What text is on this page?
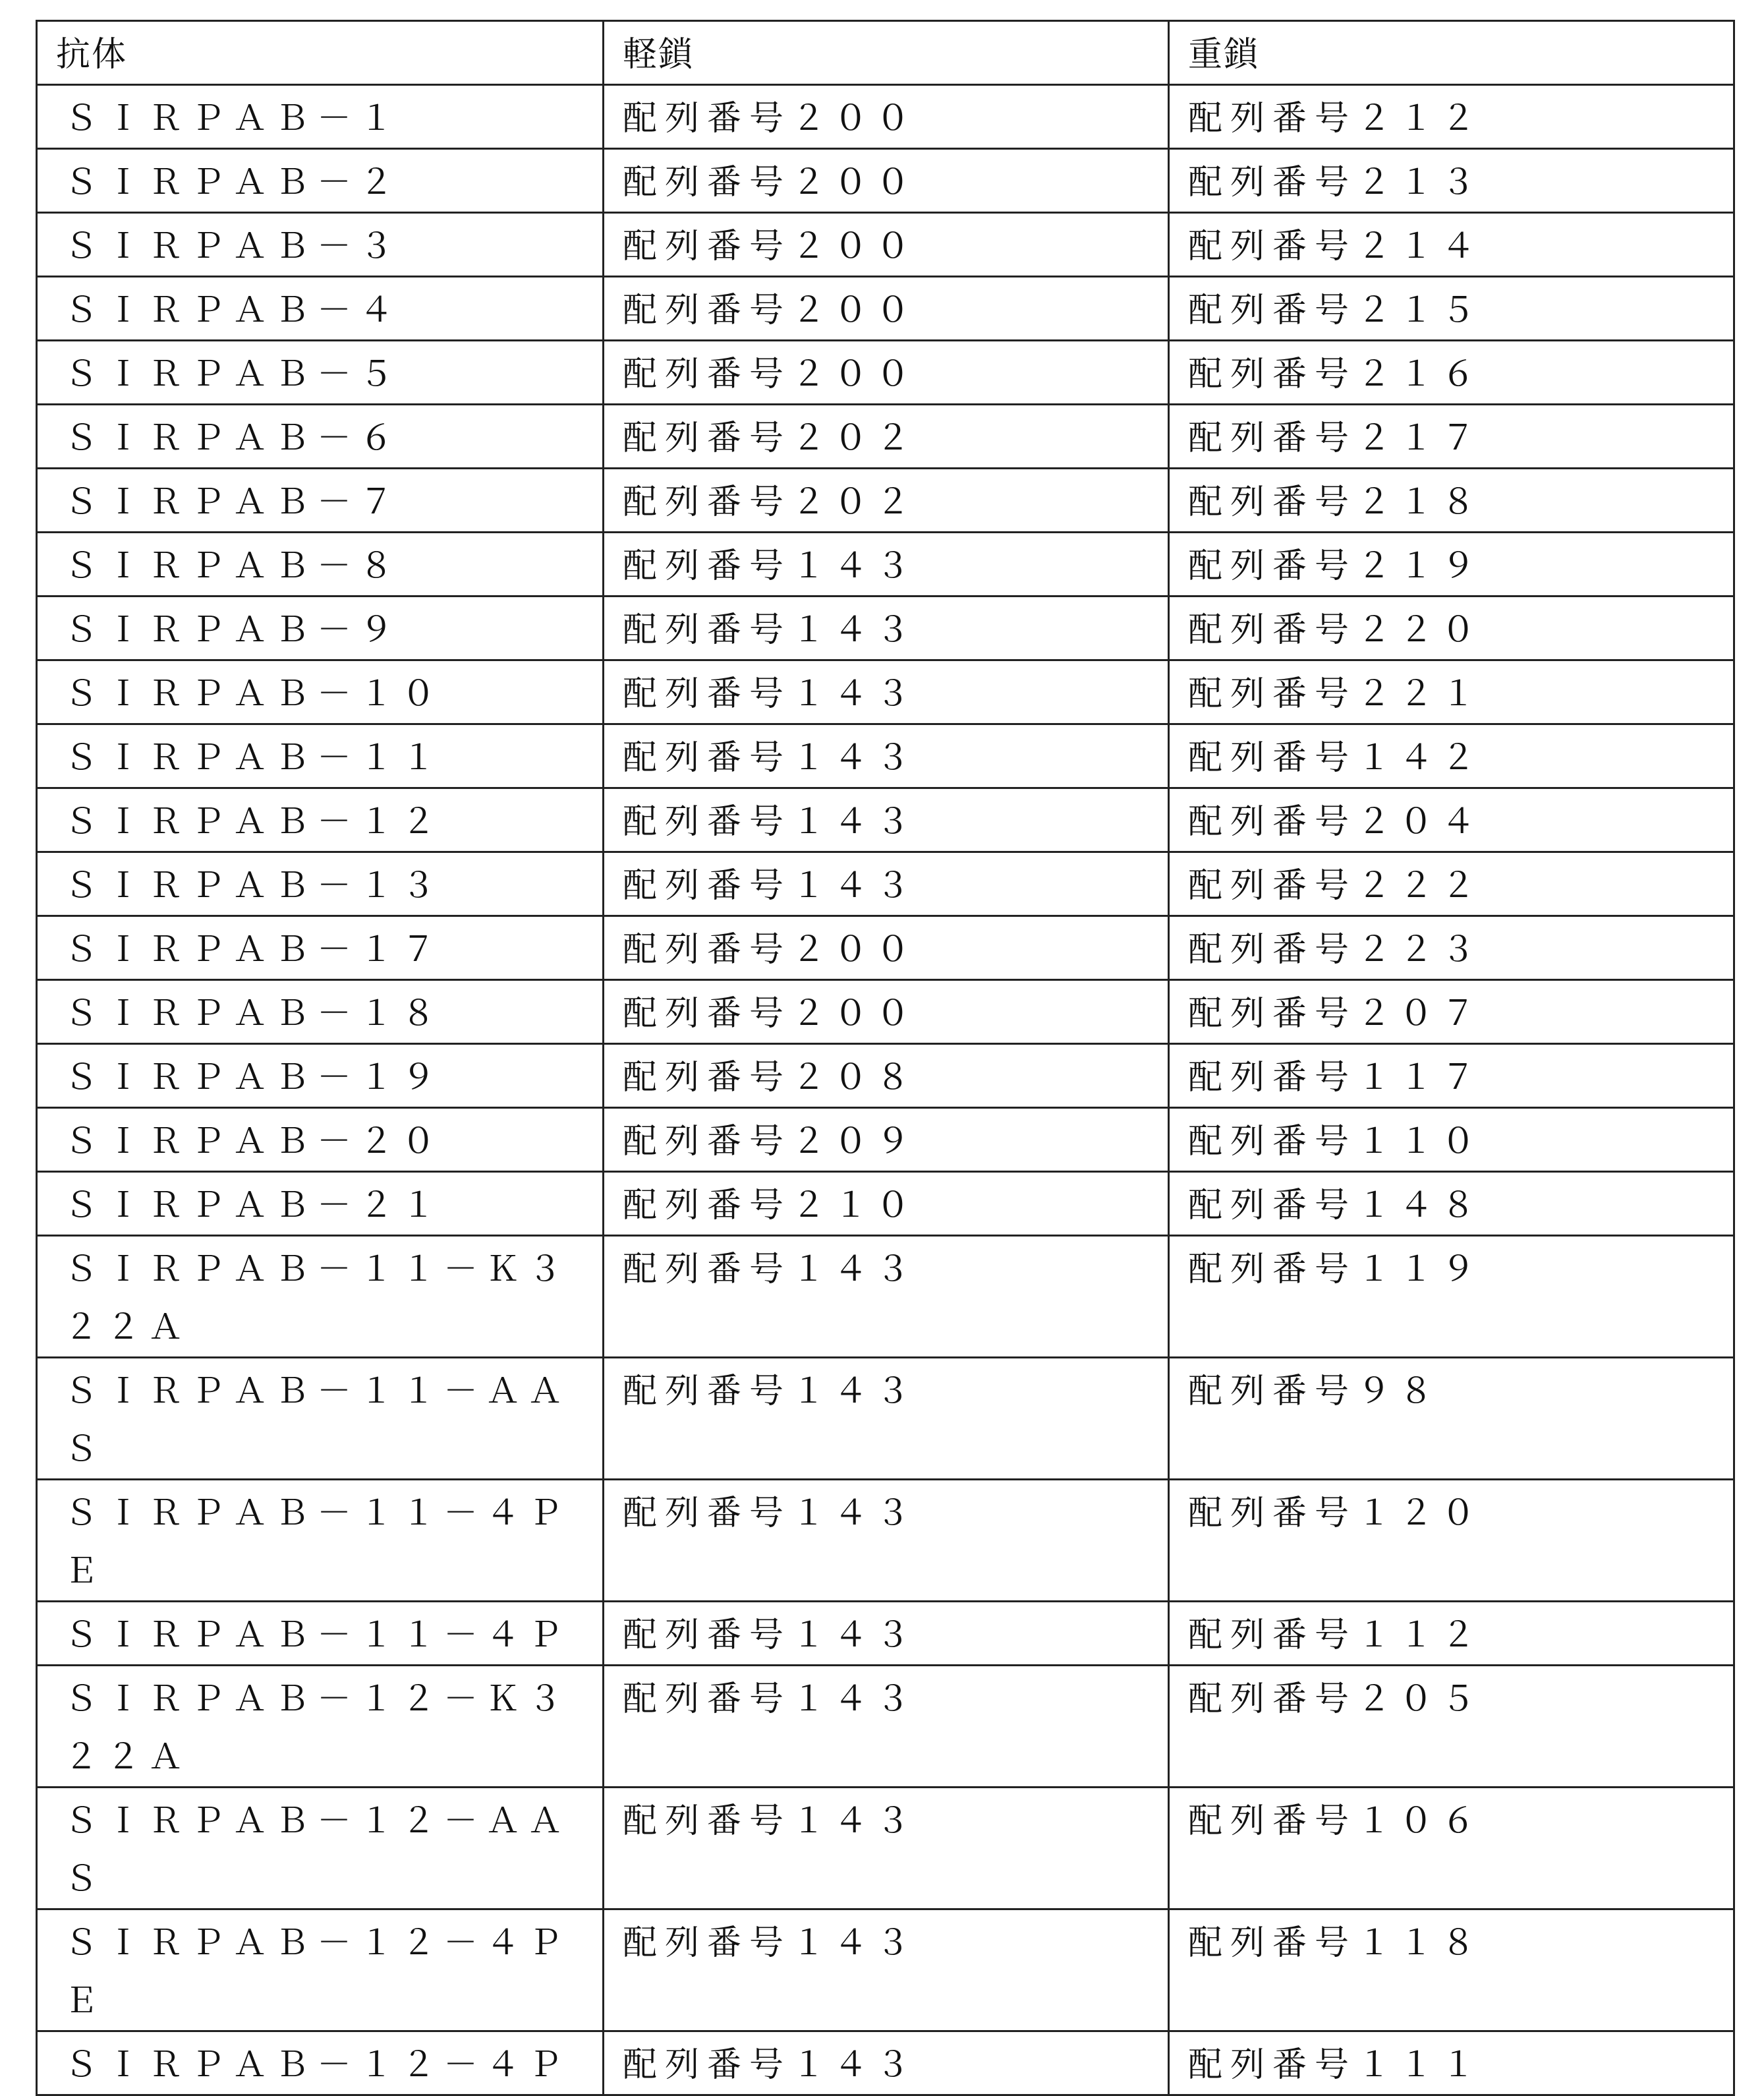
抗体	軽鎖	重鎖
ＳＩＲＰＡＢ－１	配列番号２００	配列番号２１２
ＳＩＲＰＡＢ－２	配列番号２００	配列番号２１３
ＳＩＲＰＡＢ－３	配列番号２００	配列番号２１４
ＳＩＲＰＡＢ－４	配列番号２００	配列番号２１５
ＳＩＲＰＡＢ－５	配列番号２００	配列番号２１６
ＳＩＲＰＡＢ－６	配列番号２０２	配列番号２１７
ＳＩＲＰＡＢ－７	配列番号２０２	配列番号２１８
ＳＩＲＰＡＢ－８	配列番号１４３	配列番号２１９
ＳＩＲＰＡＢ－９	配列番号１４３	配列番号２２０
ＳＩＲＰＡＢ－１０	配列番号１４３	配列番号２２１
ＳＩＲＰＡＢ－１１	配列番号１４３	配列番号１４２
ＳＩＲＰＡＢ－１２	配列番号１４３	配列番号２０４
ＳＩＲＰＡＢ－１３	配列番号１４３	配列番号２２２
ＳＩＲＰＡＢ－１７	配列番号２００	配列番号２２３
ＳＩＲＰＡＢ－１８	配列番号２００	配列番号２０７
ＳＩＲＰＡＢ－１９	配列番号２０８	配列番号１１７
ＳＩＲＰＡＢ－２０	配列番号２０９	配列番号１１０
ＳＩＲＰＡＢ－２１	配列番号２１０	配列番号１４８
ＳＩＲＰＡＢ－１１－Ｋ３２２Ａ	配列番号１４３	配列番号１１９
ＳＩＲＰＡＢ－１１－ＡＡＳ	配列番号１４３	配列番号９８
ＳＩＲＰＡＢ－１１－４ＰＥ	配列番号１４３	配列番号１２０
ＳＩＲＰＡＢ－１１－４Ｐ	配列番号１４３	配列番号１１２
ＳＩＲＰＡＢ－１２－Ｋ３２２Ａ	配列番号１４３	配列番号２０５
ＳＩＲＰＡＢ－１２－ＡＡＳ	配列番号１４３	配列番号１０６
ＳＩＲＰＡＢ－１２－４ＰＥ	配列番号１４３	配列番号１１８
ＳＩＲＰＡＢ－１２－４Ｐ	配列番号１４３	配列番号１１１
